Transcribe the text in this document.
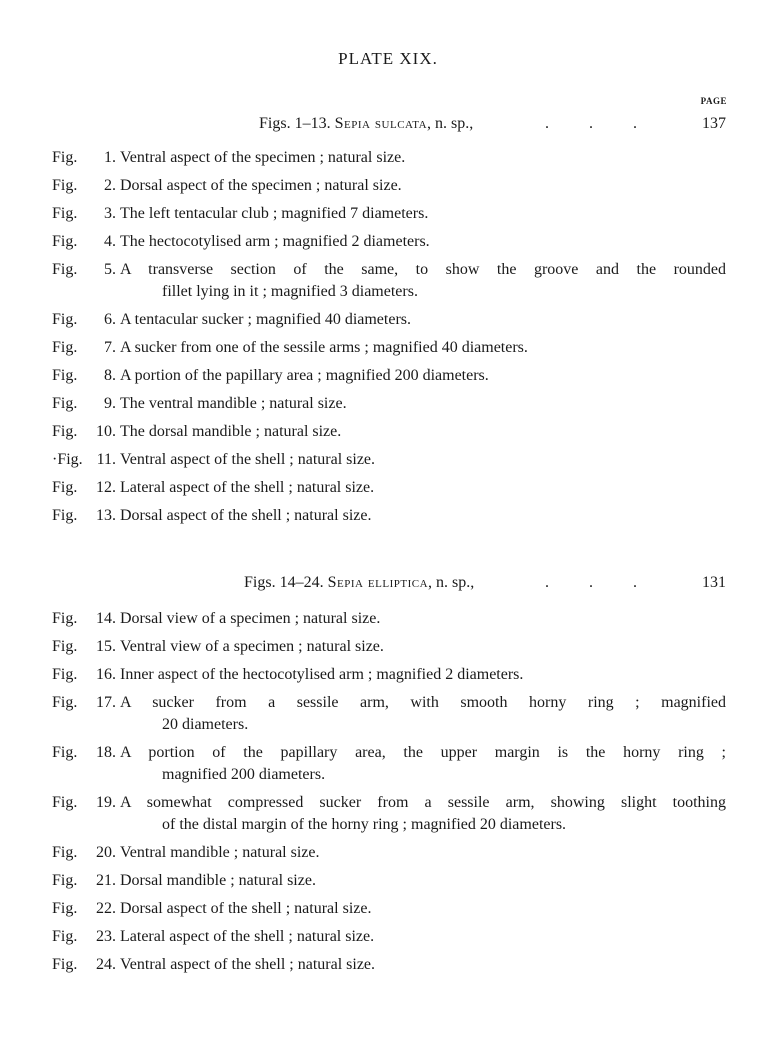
PLATE XIX.
PAGE
Figs. 1–13. Sepia sulcata, n. sp.,	.          .          .	137
Fig.	1. Ventral aspect of the specimen ; natural size.
Fig.	2. Dorsal aspect of the specimen ; natural size.
Fig.	3. The left tentacular club ; magnified 7 diameters.
Fig.	4. The hectocotylised arm ; magnified 2 diameters.
Fig.	5. A transverse section of the same, to show the groove and the rounded
fillet lying in it ; magnified 3 diameters.
Fig.	6. A tentacular sucker ; magnified 40 diameters.
Fig.	7. A sucker from one of the sessile arms ; magnified 40 diameters.
Fig.	8. A portion of the papillary area ; magnified 200 diameters.
Fig.	9. The ventral mandible ; natural size.
Fig. 10. The dorsal mandible ; natural size.
·Fig. 11. Ventral aspect of the shell ; natural size.
Fig. 12. Lateral aspect of the shell ; natural size.
Fig. 13. Dorsal aspect of the shell ; natural size.
Figs. 14–24. Sepia elliptica, n. sp.,	.          .          .	131
Fig. 14. Dorsal view of a specimen ; natural size.
Fig. 15. Ventral view of a specimen ; natural size.
Fig. 16. Inner aspect of the hectocotylised arm ; magnified 2 diameters.
Fig. 17. A sucker from a sessile arm, with smooth horny ring ; magnified
20 diameters.
Fig. 18. A portion of the papillary area, the upper margin is the horny ring ;
magnified 200 diameters.
Fig. 19. A somewhat compressed sucker from a sessile arm, showing slight toothing
of the distal margin of the horny ring ; magnified 20 diameters.
Fig. 20. Ventral mandible ; natural size.
Fig. 21. Dorsal mandible ; natural size.
Fig. 22. Dorsal aspect of the shell ; natural size.
Fig. 23. Lateral aspect of the shell ; natural size.
Fig. 24. Ventral aspect of the shell ; natural size.
